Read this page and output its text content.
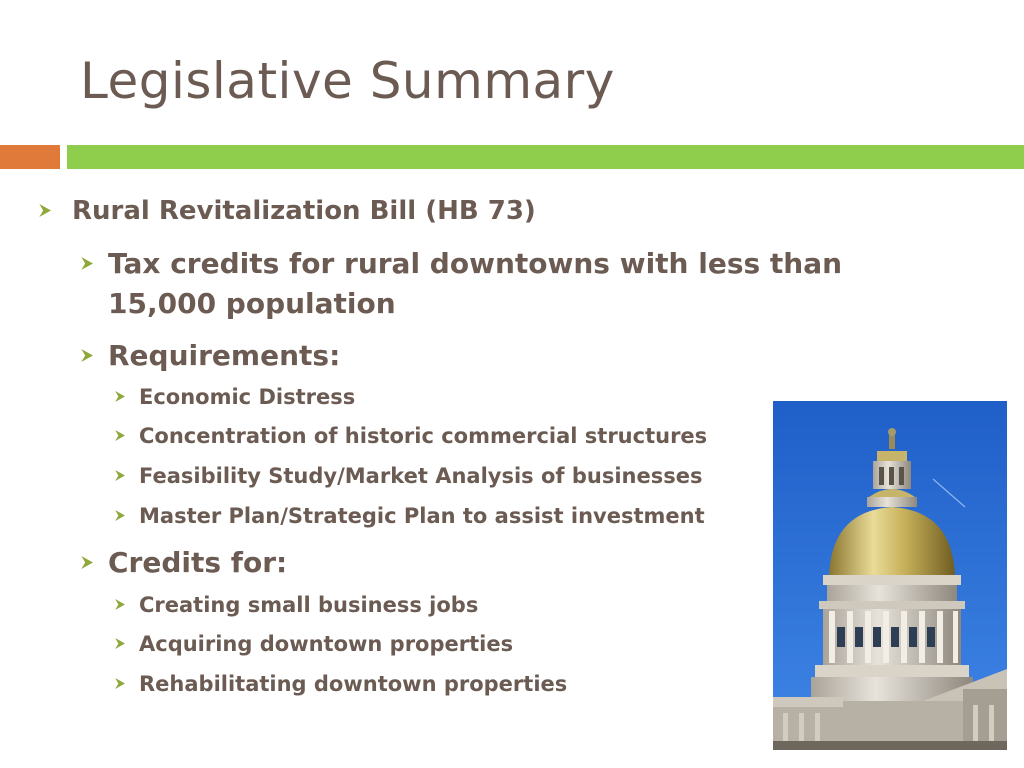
Legislative Summary
Rural Revitalization Bill (HB 73)
Tax credits for rural downtowns with less than
15,000 population
Requirements:
Economic Distress
Concentration of historic commercial structures
Feasibility Study/Market Analysis of businesses
Master Plan/Strategic Plan to assist investment
Credits for:
Creating small business jobs
Acquiring downtown properties
Rehabilitating downtown properties
